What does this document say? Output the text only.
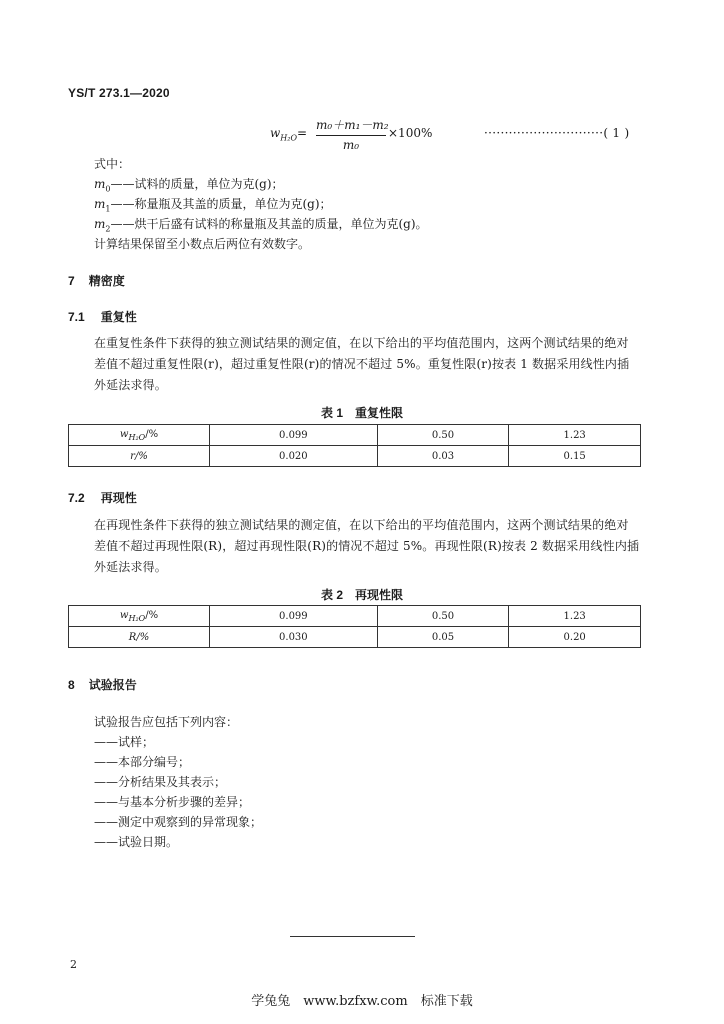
YS/T 273.1—2020
$w_{H_2O}= \frac{\text{m₀＋m₁－m₂}}{\text{m₀}} \times 100\%$	·····························( 1 )
式中：
$m_0——$试料的质量，单位为克(g)；
$m_1——$称量瓶及其盖的质量，单位为克(g)；
$m_2——$烘干后盛有试料的称量瓶及其盖的质量，单位为克(g)。
计算结果保留至小数点后两位有效数字。
7 精密度
7.1 重复性
在重复性条件下获得的独立测试结果的测定值，在以下给出的平均值范围内，这两个测试结果的绝对差值不超过重复性限(r)，超过重复性限(r)的情况不超过 5%。重复性限(r)按表 1 数据采用线性内插外延法求得。
表 1　重复性限
$w_{H_2O}/\%$	0.099	0.50	1.23
r/%	0.020	0.03	0.15
7.2 再现性
在再现性条件下获得的独立测试结果的测定值，在以下给出的平均值范围内，这两个测试结果的绝对差值不超过再现性限(R)，超过再现性限(R)的情况不超过 5%。再现性限(R)按表 2 数据采用线性内插外延法求得。
表 2　再现性限
$w_{H_2O}/\%$	0.099	0.50	1.23
R/%	0.030	0.05	0.20
8 试验报告
试验报告应包括下列内容：
——试样；
——本部分编号；
——分析结果及其表示；
——与基本分析步骤的差异；
——测定中观察到的异常现象；
——试验日期。
2
学兔兔　www.bzfxw.com　标准下载
